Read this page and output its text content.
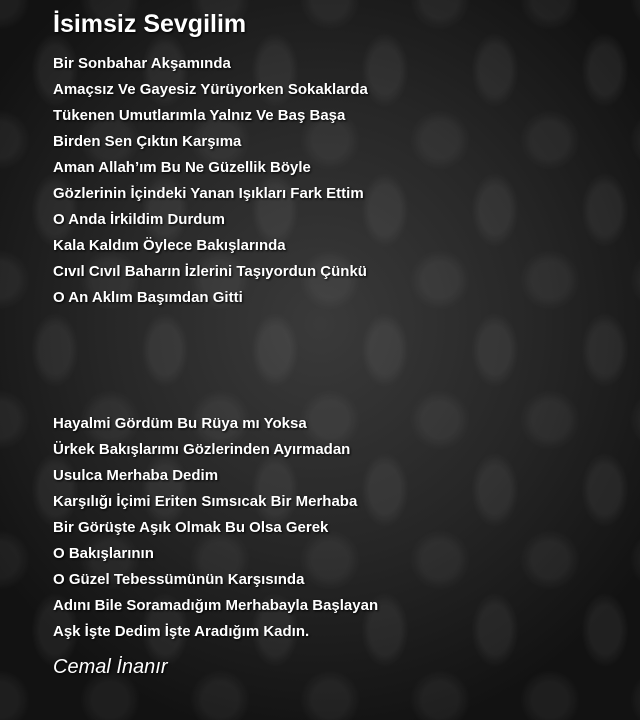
İsimsiz Sevgilim
Bir Sonbahar Akşamında
Amaçsız Ve Gayesiz Yürüyorken Sokaklarda
Tükenen Umutlarımla Yalnız Ve Baş Başa
Birden Sen Çıktın Karşıma
Aman Allah’ım Bu Ne Güzellik Böyle
Gözlerinin İçindeki Yanan Işıkları Fark Ettim
O Anda İrkildim Durdum
Kala Kaldım Öylece Bakışlarında
Cıvıl Cıvıl Baharın İzlerini Taşıyordun Çünkü
O An Aklım Başımdan Gitti
Hayalmi Gördüm Bu Rüya mı Yoksa
Ürkek Bakışlarımı Gözlerinden Ayırmadan
Usulca Merhaba Dedim
Karşılığı İçimi Eriten Sımsıcak Bir Merhaba
Bir Görüşte Aşık Olmak Bu Olsa Gerek
O Bakışlarının
O Güzel Tebessümünün Karşısında
Adını Bile Soramadığım Merhabayla Başlayan
Aşk İşte Dedim İşte Aradığım Kadın.
Cemal İnanır
